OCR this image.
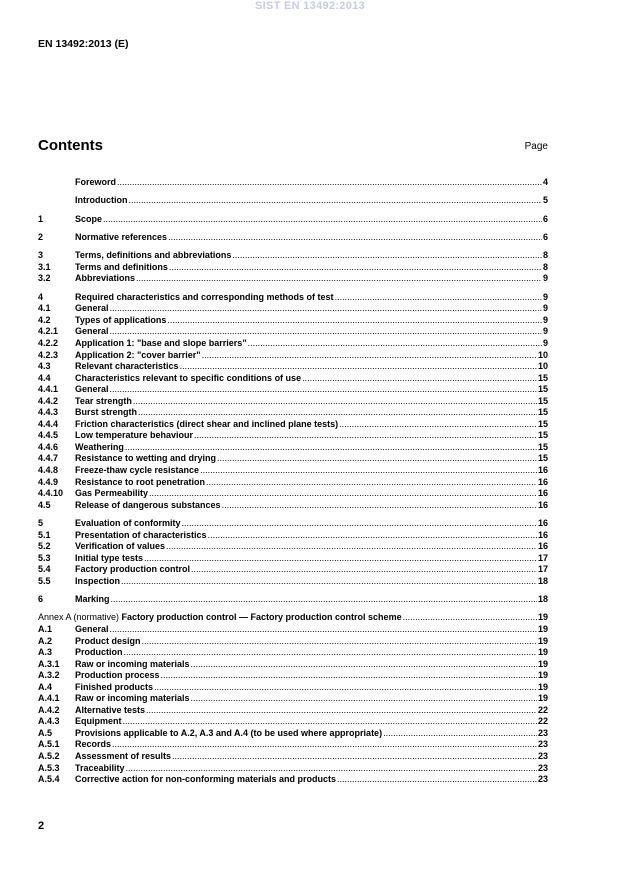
SIST EN 13492:2013
EN 13492:2013 (E)
Contents	Page
Foreword .....	4
Introduction .....	5
1	Scope .....	6
2	Normative references .....	6
3	Terms, definitions and abbreviations .....	8
3.1	Terms and definitions .....	8
3.2	Abbreviations .....	9
4	Required characteristics and corresponding methods of test .....	9
4.1	General .....	9
4.2	Types of applications .....	9
4.2.1	General .....	9
4.2.2	Application 1: "base and slope barriers" .....	9
4.2.3	Application 2: "cover barrier" .....	10
4.3	Relevant characteristics .....	10
4.4	Characteristics relevant to specific conditions of use .....	15
4.4.1	General .....	15
4.4.2	Tear strength .....	15
4.4.3	Burst strength .....	15
4.4.4	Friction characteristics (direct shear and inclined plane tests) .....	15
4.4.5	Low temperature behaviour .....	15
4.4.6	Weathering .....	15
4.4.7	Resistance to wetting and drying .....	15
4.4.8	Freeze-thaw cycle resistance .....	16
4.4.9	Resistance to root penetration .....	16
4.4.10	Gas Permeability .....	16
4.5	Release of dangerous substances .....	16
5	Evaluation of conformity .....	16
5.1	Presentation of characteristics .....	16
5.2	Verification of values .....	16
5.3	Initial type tests .....	17
5.4	Factory production control .....	17
5.5	Inspection .....	18
6	Marking .....	18
Annex A (normative) Factory production control — Factory production control scheme .....	19
A.1	General .....	19
A.2	Product design .....	19
A.3	Production .....	19
A.3.1	Raw or incoming materials .....	19
A.3.2	Production process .....	19
A.4	Finished products .....	19
A.4.1	Raw or incoming materials .....	19
A.4.2	Alternative tests .....	22
A.4.3	Equipment .....	22
A.5	Provisions applicable to A.2, A.3 and A.4 (to be used where appropriate) .....	23
A.5.1	Records .....	23
A.5.2	Assessment of results .....	23
A.5.3	Traceability .....	23
A.5.4	Corrective action for non-conforming materials and products .....	23
2
